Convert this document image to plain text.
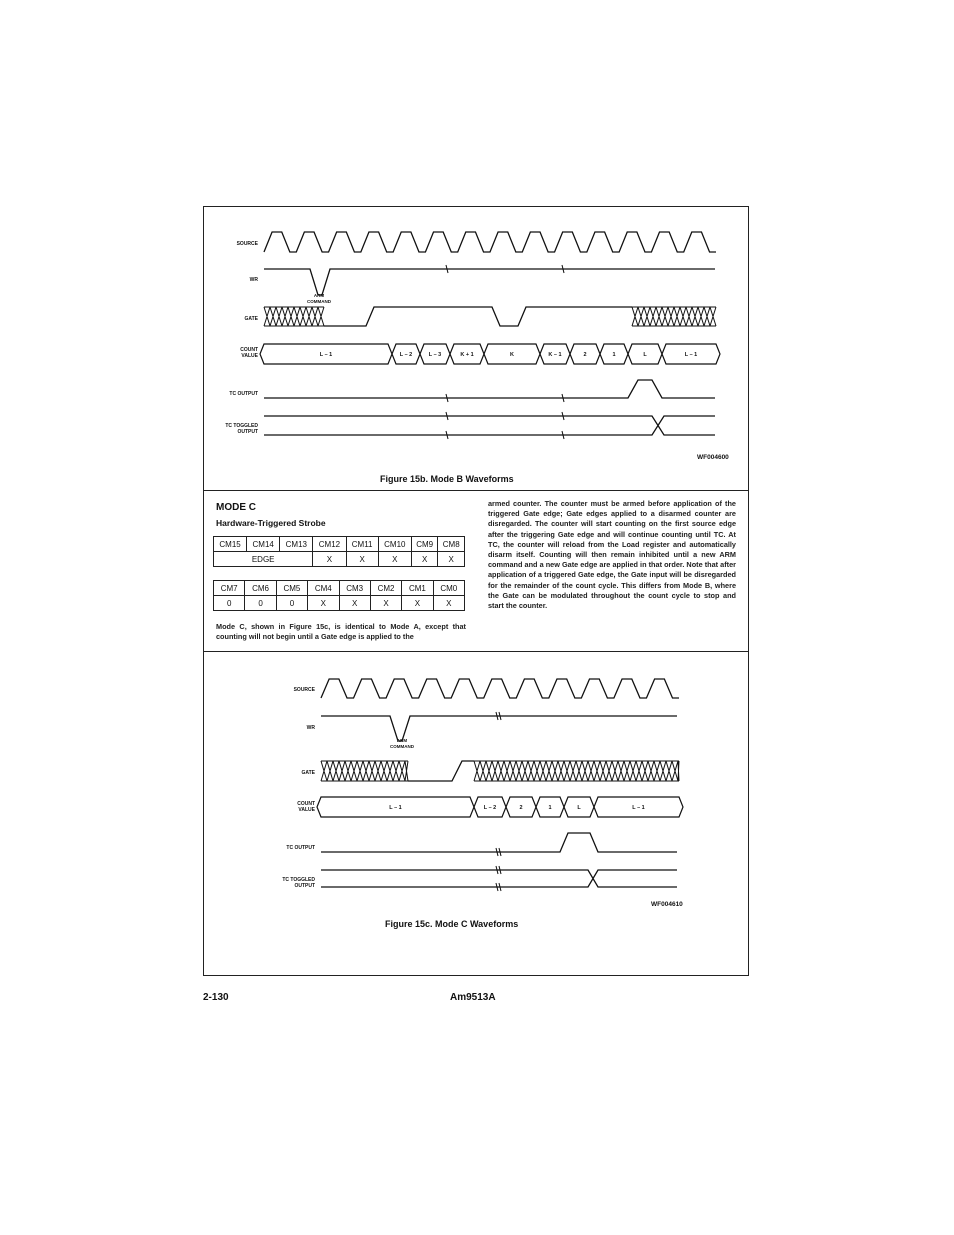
SOURCE
WR
GATE
COUNT
VALUE
TC OUTPUT
TC TOGGLED
OUTPUT
ARM
COMMAND
L – 1	L – 2	L – 3	K + 1	K	K – 1	2	1	L	L – 1
WF004600
Figure 15b. Mode B Waveforms
MODE C
Hardware-Triggered Strobe
CM15	CM14	CM13	CM12	CM11	CM10	CM9	CM8
EDGE			X	X	X	X	X
CM7	CM6	CM5	CM4	CM3	CM2	CM1	CM0
0	0	0	X	X	X	X	X
Mode C, shown in Figure 15c, is identical to Mode A, except that counting will not begin until a Gate edge is applied to the
armed counter. The counter must be armed before application of the triggered Gate edge; Gate edges applied to a disarmed counter are disregarded. The counter will start counting on the first source edge after the triggering Gate edge and will continue counting until TC. At TC, the counter will reload from the Load register and automatically disarm itself. Counting will then remain inhibited until a new ARM command and a new Gate edge are applied in that order. Note that after application of a triggered Gate edge, the Gate input will be disregarded for the remainder of the count cycle. This differs from Mode B, where the Gate can be modulated throughout the count cycle to stop and start the counter.
SOURCE
WR
GATE
COUNT
VALUE
TC OUTPUT
TC TOGGLED
OUTPUT
ARM
COMMAND
L – 1	L – 2	2	1	L	L – 1
WF004610
Figure 15c. Mode C Waveforms
2-130	Am9513A
